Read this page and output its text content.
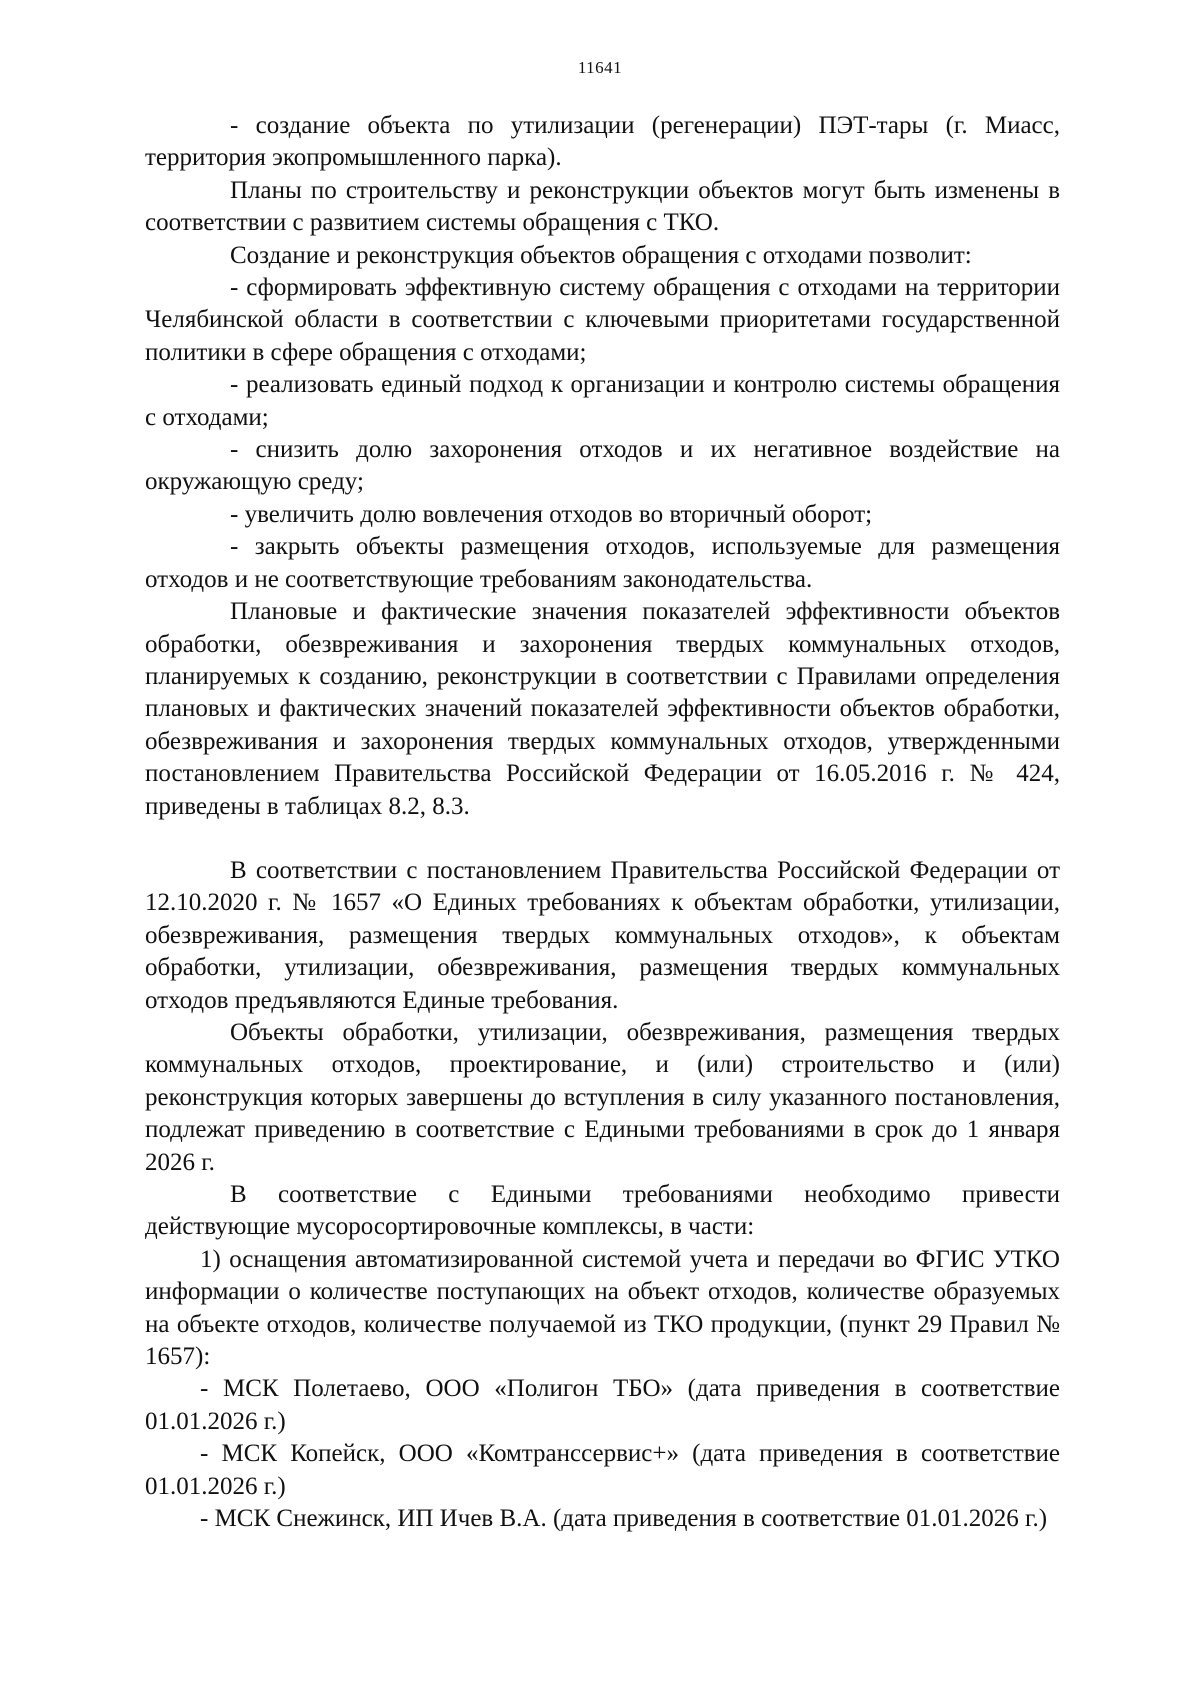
11641

- создание объекта по утилизации (регенерации) ПЭТ-тары (г. Миасс, территория экопромышленного парка).

Планы по строительству и реконструкции объектов могут быть изменены в соответствии с развитием системы обращения с ТКО.

Создание и реконструкция объектов обращения с отходами позволит:

- сформировать эффективную систему обращения с отходами на территории Челябинской области в соответствии с ключевыми приоритетами государственной политики в сфере обращения с отходами;

- реализовать единый подход к организации и контролю системы обращения с отходами;

- снизить долю захоронения отходов и их негативное воздействие на окружающую среду;

- увеличить долю вовлечения отходов во вторичный оборот;

- закрыть объекты размещения отходов, используемые для размещения отходов и не соответствующие требованиям законодательства.

Плановые и фактические значения показателей эффективности объектов обработки, обезвреживания и захоронения твердых коммунальных отходов, планируемых к созданию, реконструкции в соответствии с Правилами определения плановых и фактических значений показателей эффективности объектов обработки, обезвреживания и захоронения твердых коммунальных отходов, утвержденными постановлением Правительства Российской Федерации от 16.05.2016 г. № 424, приведены в таблицах 8.2, 8.3.

В соответствии с постановлением Правительства Российской Федерации от 12.10.2020 г. № 1657 «О Единых требованиях к объектам обработки, утилизации, обезвреживания, размещения твердых коммунальных отходов», к объектам обработки, утилизации, обезвреживания, размещения твердых коммунальных отходов предъявляются Единые требования.

Объекты обработки, утилизации, обезвреживания, размещения твердых коммунальных отходов, проектирование, и (или) строительство и (или) реконструкция которых завершены до вступления в силу указанного постановления, подлежат приведению в соответствие с Едиными требованиями в срок до 1 января 2026 г.

В соответствие с Едиными требованиями необходимо привести действующие мусоросортировочные комплексы, в части:

1) оснащения автоматизированной системой учета и передачи во ФГИС УТКО информации о количестве поступающих на объект отходов, количестве образуемых на объекте отходов, количестве получаемой из ТКО продукции, (пункт 29 Правил № 1657):

- МСК Полетаево, ООО «Полигон ТБО» (дата приведения в соответствие 01.01.2026 г.)

- МСК Копейск, ООО «Комтранссервис+» (дата приведения в соответствие 01.01.2026 г.)

- МСК Снежинск, ИП Ичев В.А. (дата приведения в соответствие 01.01.2026 г.)
